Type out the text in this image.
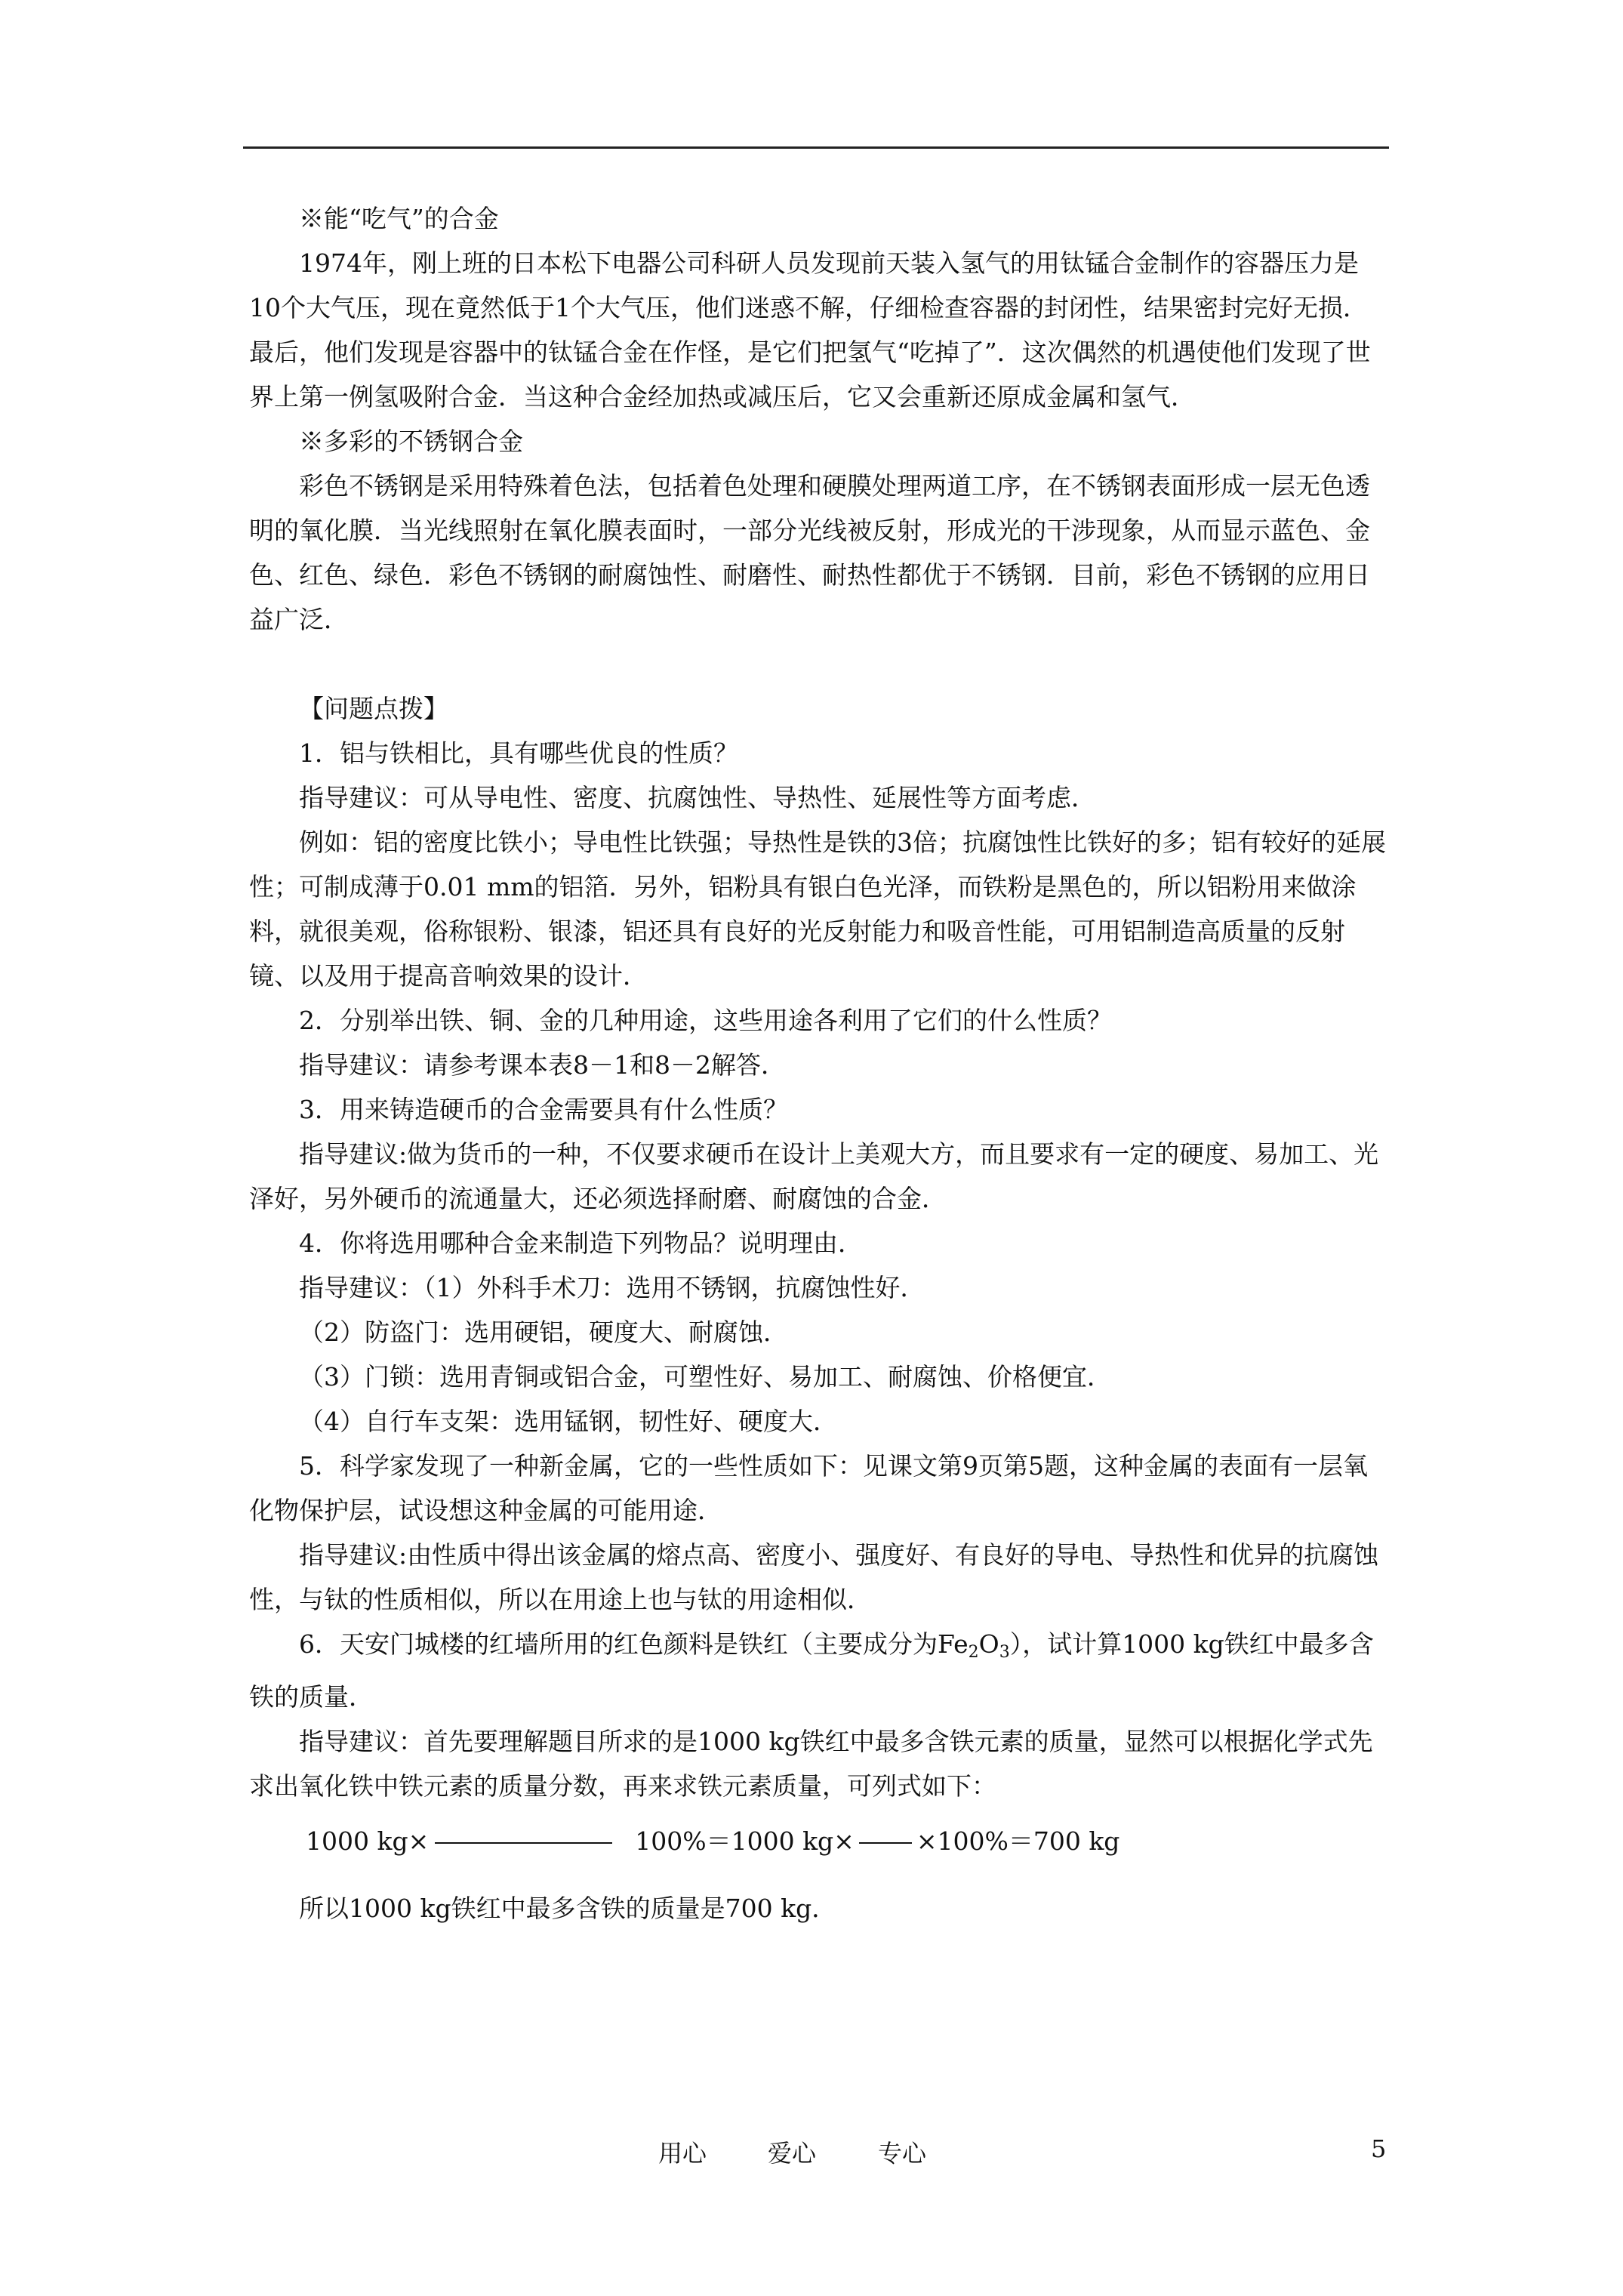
※能“吃气”的合金

1974年，刚上班的日本松下电器公司科研人员发现前天装入氢气的用钛锰合金制作的容器压力是10个大气压，现在竟然低于1个大气压，他们迷惑不解，仔细检查容器的封闭性，结果密封完好无损．最后，他们发现是容器中的钛锰合金在作怪，是它们把氢气“吃掉了”．这次偶然的机遇使他们发现了世界上第一例氢吸附合金．当这种合金经加热或减压后，它又会重新还原成金属和氢气．

※多彩的不锈钢合金

彩色不锈钢是采用特殊着色法，包括着色处理和硬膜处理两道工序，在不锈钢表面形成一层无色透明的氧化膜．当光线照射在氧化膜表面时，一部分光线被反射，形成光的干涉现象，从而显示蓝色、金色、红色、绿色．彩色不锈钢的耐腐蚀性、耐磨性、耐热性都优于不锈钢．目前，彩色不锈钢的应用日益广泛．

【问题点拨】

1．铝与铁相比，具有哪些优良的性质？

指导建议：可从导电性、密度、抗腐蚀性、导热性、延展性等方面考虑．

例如：铝的密度比铁小；导电性比铁强；导热性是铁的3倍；抗腐蚀性比铁好的多；铝有较好的延展性；可制成薄于0.01 mm的铝箔．另外，铝粉具有银白色光泽，而铁粉是黑色的，所以铝粉用来做涂料，就很美观，俗称银粉、银漆，铝还具有良好的光反射能力和吸音性能，可用铝制造高质量的反射镜、以及用于提高音响效果的设计．

2．分别举出铁、铜、金的几种用途，这些用途各利用了它们的什么性质？

指导建议：请参考课本表8－1和8－2解答．

3．用来铸造硬币的合金需要具有什么性质？

指导建议:做为货币的一种，不仅要求硬币在设计上美观大方，而且要求有一定的硬度、易加工、光泽好，另外硬币的流通量大，还必须选择耐磨、耐腐蚀的合金．

4．你将选用哪种合金来制造下列物品？说明理由．

指导建议：（1）外科手术刀：选用不锈钢，抗腐蚀性好．

（2）防盗门：选用硬铝，硬度大、耐腐蚀．

（3）门锁：选用青铜或铝合金，可塑性好、易加工、耐腐蚀、价格便宜．

（4）自行车支架：选用锰钢，韧性好、硬度大．

5．科学家发现了一种新金属，它的一些性质如下：见课文第9页第5题，这种金属的表面有一层氧化物保护层，试设想这种金属的可能用途．

指导建议:由性质中得出该金属的熔点高、密度小、强度好、有良好的导电、导热性和优异的抗腐蚀性，与钛的性质相似，所以在用途上也与钛的用途相似．

6．天安门城楼的红墙所用的红色颜料是铁红（主要成分为$Fe_2O_3$），试计算1000 kg铁红中最多含铁的质量．

指导建议：首先要理解题目所求的是1000 kg铁红中最多含铁元素的质量，显然可以根据化学式先求出氧化铁中铁元素的质量分数，再来求铁元素质量，可列式如下：

1000 kg×	100%＝1000 kg× ×100%＝700 kg

所以1000 kg铁红中最多含铁的质量是700 kg．

用心	爱心	专心	5
